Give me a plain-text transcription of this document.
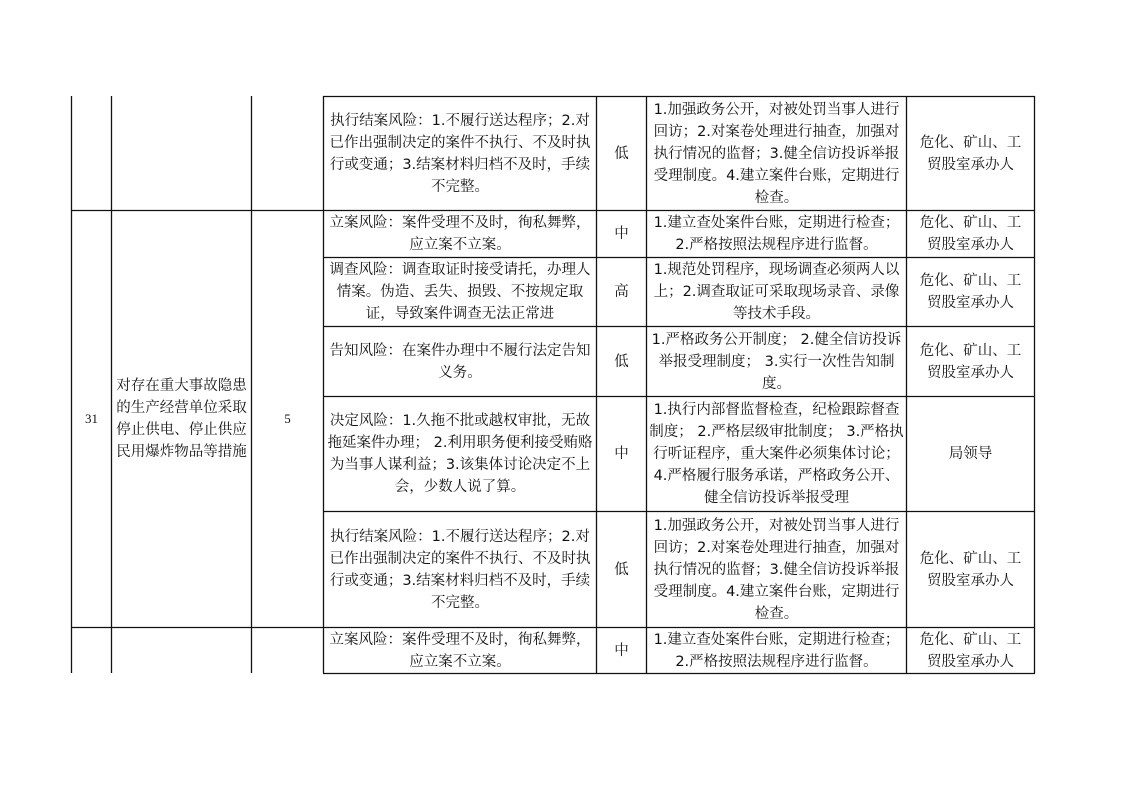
执行结案风险：1.不履行送达程序；2.对已作出强制决定的案件不执行、不及时执行或变通；3.结案材料归档不及时，手续不完整。
低
1.加强政务公开，对被处罚当事人进行回访；2.对案卷处理进行抽查，加强对执行情况的监督；3.健全信访投诉举报受理制度。4.建立案件台账，定期进行检查。
危化、矿山、工贸股室承办人
31
对存在重大事故隐患的生产经营单位采取停止供电、停止供应民用爆炸物品等措施
5
立案风险：案件受理不及时，徇私舞弊，应立案不立案。
中
1.建立查处案件台账，定期进行检查；2.严格按照法规程序进行监督。
危化、矿山、工贸股室承办人
调查风险：调查取证时接受请托，办理人情案。伪造、丢失、损毁、不按规定取证，导致案件调查无法正常进
高
1.规范处罚程序，现场调查必须两人以上；2.调查取证可采取现场录音、录像等技术手段。
危化、矿山、工贸股室承办人
告知风险：在案件办理中不履行法定告知义务。
低
1.严格政务公开制度； 2.健全信访投诉举报受理制度； 3.实行一次性告知制度。
危化、矿山、工贸股室承办人
决定风险：1.久拖不批或越权审批，无故拖延案件办理； 2.利用职务便利接受贿赂为当事人谋利益；3.该集体讨论决定不上会，少数人说了算。
中
1.执行内部督监督检查，纪检跟踪督查制度； 2.严格层级审批制度； 3.严格执行听证程序，重大案件必须集体讨论； 4.严格履行服务承诺，严格政务公开、健全信访投诉举报受理
局领导
执行结案风险：1.不履行送达程序；2.对已作出强制决定的案件不执行、不及时执行或变通；3.结案材料归档不及时，手续不完整。
低
1.加强政务公开，对被处罚当事人进行回访；2.对案卷处理进行抽查，加强对执行情况的监督；3.健全信访投诉举报受理制度。4.建立案件台账，定期进行检查。
危化、矿山、工贸股室承办人
立案风险：案件受理不及时，徇私舞弊，应立案不立案。
中
1.建立查处案件台账，定期进行检查；2.严格按照法规程序进行监督。
危化、矿山、工贸股室承办人
